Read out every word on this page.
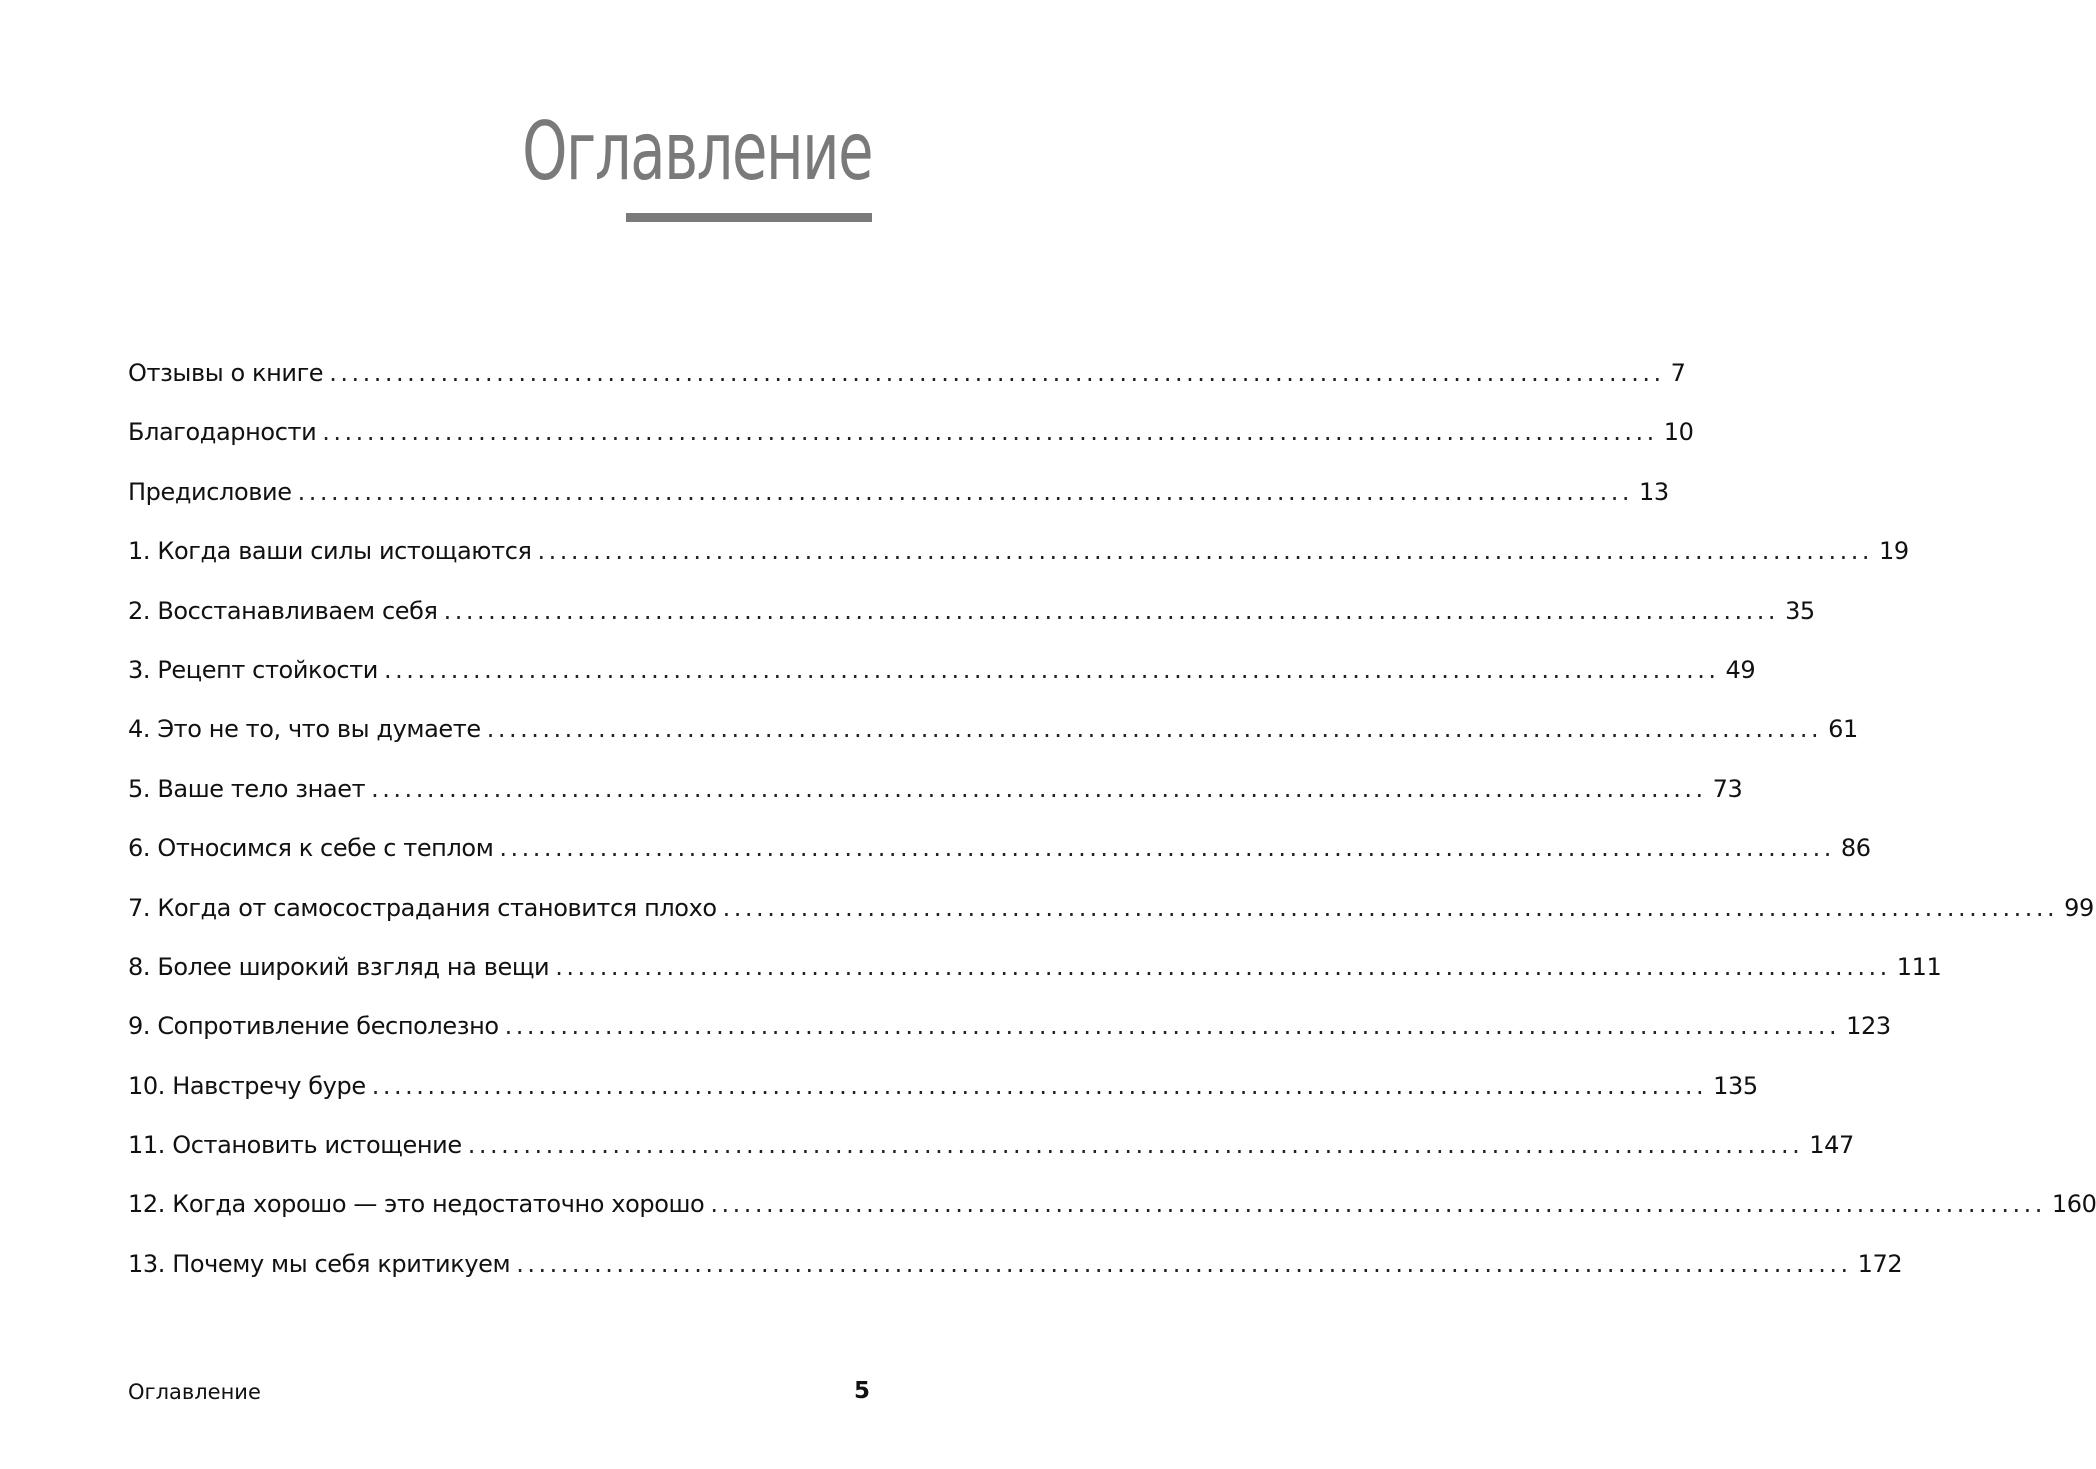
Оглавление
Отзывы о книге ........................................................................................................................ 7
Благодарности ........................................................................................................................ 10
Предисловие ........................................................................................................................ 13
1. Когда ваши силы истощаются ........................................................................................................................ 19
2. Восстанавливаем себя ........................................................................................................................ 35
3. Рецепт стойкости ........................................................................................................................ 49
4. Это не то, что вы думаете ........................................................................................................................ 61
5. Ваше тело знает ........................................................................................................................ 73
6. Относимся к себе с теплом ........................................................................................................................ 86
7. Когда от самосострадания становится плохо ........................................................................................................................ 99
8. Более широкий взгляд на вещи ........................................................................................................................ 111
9. Сопротивление бесполезно ........................................................................................................................ 123
10. Навстречу буре ........................................................................................................................ 135
11. Остановить истощение ........................................................................................................................ 147
12. Когда хорошо — это недостаточно хорошо ........................................................................................................................ 160
13. Почему мы себя критикуем ........................................................................................................................ 172
Оглавление	5
